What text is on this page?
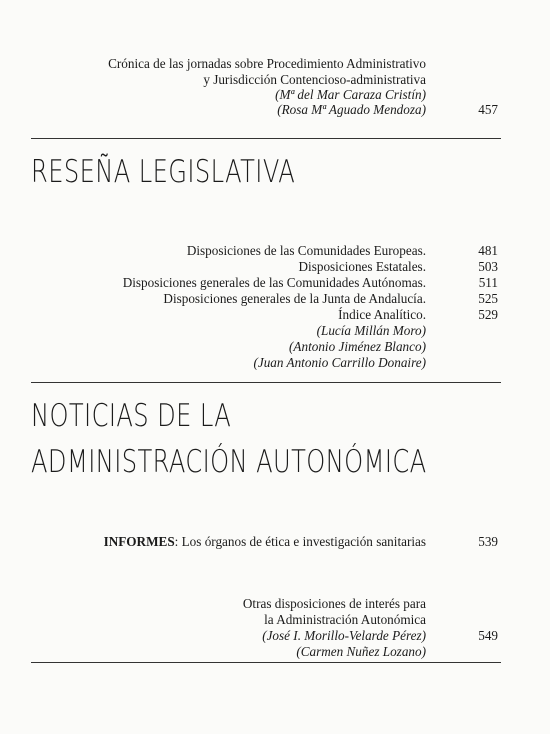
Crónica de las jornadas sobre Procedimiento Administrativo
y Jurisdicción Contencioso-administrativa
(Mª del Mar Caraza Cristín)
(Rosa Mª Aguado Mendoza)	457
RESEÑA LEGISLATIVA
Disposiciones de las Comunidades Europeas.	481
Disposiciones Estatales.	503
Disposiciones generales de las Comunidades Autónomas.	511
Disposiciones generales de la Junta de Andalucía.	525
Índice Analítico.	529
(Lucía Millán Moro)
(Antonio Jiménez Blanco)
(Juan Antonio Carrillo Donaire)
NOTICIAS DE LA
ADMINISTRACIÓN AUTONÓMICA
INFORMES: Los órganos de ética e investigación sanitarias	539
Otras disposiciones de interés para
la Administración Autonómica
(José I. Morillo-Velarde Pérez)	549
(Carmen Nuñez Lozano)
